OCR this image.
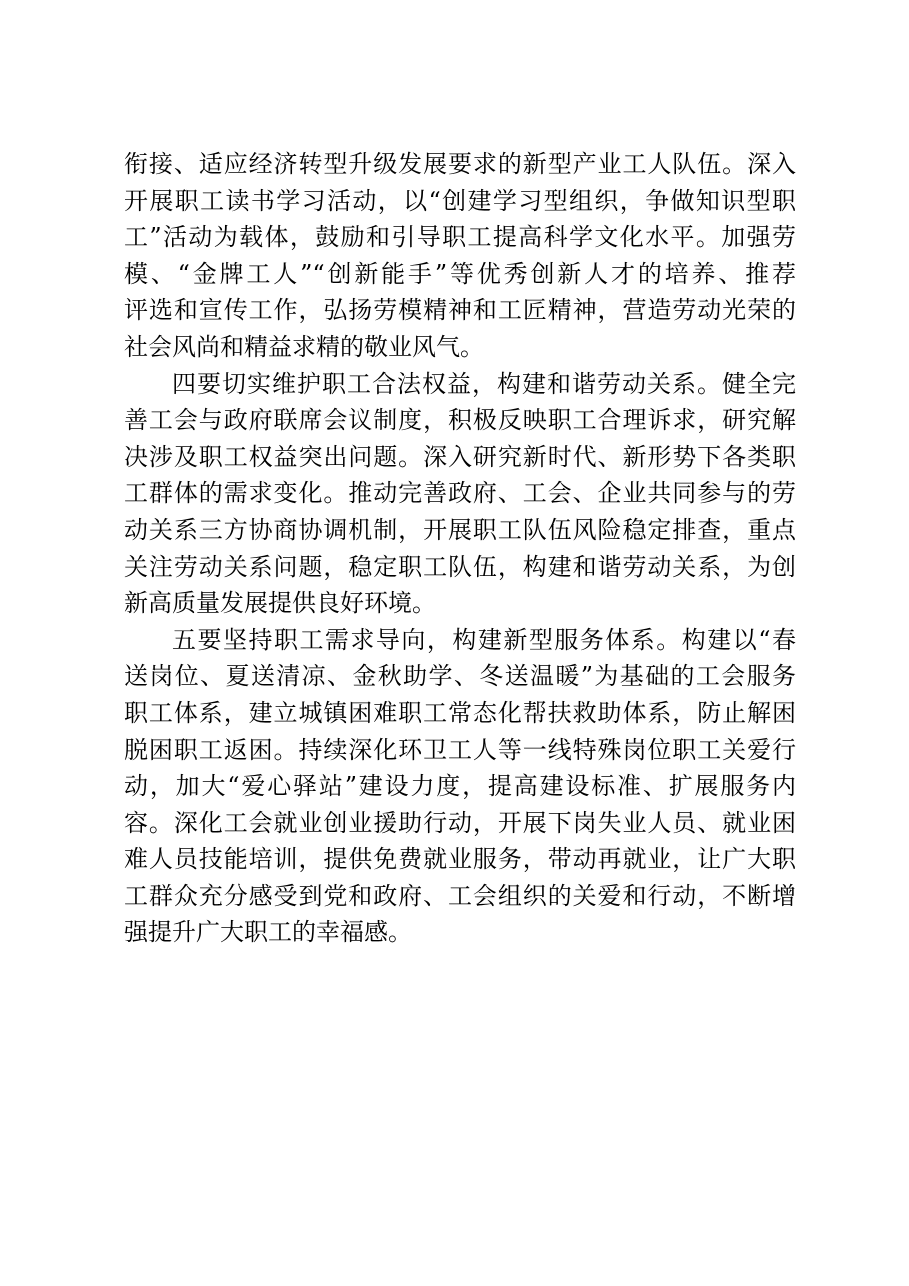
衔接、适应经济转型升级发展要求的新型产业工人队伍。深入
开展职工读书学习活动，以“创建学习型组织，争做知识型职
工”活动为载体，鼓励和引导职工提高科学文化水平。加强劳
模、“金牌工人”“创新能手”等优秀创新人才的培养、推荐
评选和宣传工作，弘扬劳模精神和工匠精神，营造劳动光荣的
社会风尚和精益求精的敬业风气。
四要切实维护职工合法权益，构建和谐劳动关系。健全完
善工会与政府联席会议制度，积极反映职工合理诉求，研究解
决涉及职工权益突出问题。深入研究新时代、新形势下各类职
工群体的需求变化。推动完善政府、工会、企业共同参与的劳
动关系三方协商协调机制，开展职工队伍风险稳定排查，重点
关注劳动关系问题，稳定职工队伍，构建和谐劳动关系，为创
新高质量发展提供良好环境。
五要坚持职工需求导向，构建新型服务体系。构建以“春
送岗位、夏送清凉、金秋助学、冬送温暖”为基础的工会服务
职工体系，建立城镇困难职工常态化帮扶救助体系，防止解困
脱困职工返困。持续深化环卫工人等一线特殊岗位职工关爱行
动，加大“爱心驿站”建设力度，提高建设标准、扩展服务内
容。深化工会就业创业援助行动，开展下岗失业人员、就业困
难人员技能培训，提供免费就业服务，带动再就业，让广大职
工群众充分感受到党和政府、工会组织的关爱和行动，不断增
强提升广大职工的幸福感。
